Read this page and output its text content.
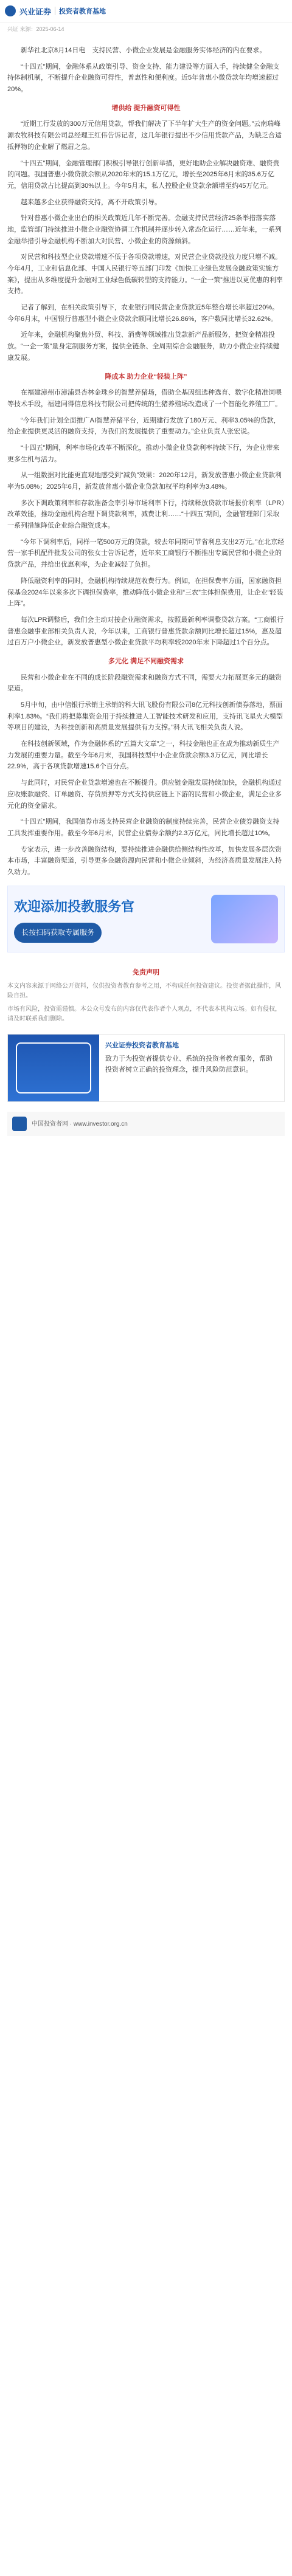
兴业证券 投资者教育基地
兴证 来源：2025-06-14
新华社北京8月14日电　支持民营、小微企业发展是金融服务实体经济的内在要求。
“十四五”期间，金融体系从政策引导、资金支持、能力建设等方面入手，持续健全金融支持体制机制，不断提升企业融资可得性，普惠性和便利度。近5年普惠小微贷款年均增速超过20%。
增供给 提升融资可得性
“近期工行发放的300万元信用贷款，帮我们解决了下半年扩大生产的资金问题。”云南瑞峰源农牧科技有限公司总经理王红伟告诉记者，这几年银行提出不少信用贷款产品，为缺乏合适抵押物的企业解了燃眉之急。
“十四五”期间，金融管理部门积极引导银行创新举措，更好地助企业解决融资难、融资贵的问题。我国普惠小微贷款余额从2020年末的15.1万亿元，增长至2025年6月末的35.6万亿元，信用贷款占比提高到30%以上。今年5月末，私人控股企业贷款余额增至约45万亿元。
越来越多企业获得融资支持，离不开政策引导。
针对普惠小微企业出台的相关政策近几年不断完善。金融支持民营经济25条举措落实落地，监管部门持续推进小微企业融资协调工作机制并逐步转入常态化运行……近年来，一系列金融举措引导金融机构不断加大对民营、小微企业的资源倾斜。
对民营和科技型企业贷款增速不低于各项贷款增速，对民营企业贷款投放力度只增不减。今年4月，工业和信息化部、中国人民银行等五部门印发《加快工业绿色发展金融政策实施方案》，提出从多维度提升金融对工业绿色低碳转型的支持能力。“一企一策”推进以更优惠的利率支持。
记者了解到，在相关政策引导下，农业银行同民营企业贷款近5年整合增长率超过20%。今年6月末，中国银行普惠型小微企业贷款余额同比增长26.86%，客户数同比增长32.62%。
近年来，金融机构聚焦外贸、科技、消费等领域推出贷款新产品新服务，把资金精准投放。“一企一策”量身定制服务方案，提供全链条、全周期综合金融服务，助力小微企业持续健康发展。
降成本 助力企业“轻装上阵”
在福建漳州市漳浦县杏林金珠乡的智慧养猪场，借助全基因组选种选育、数字化精准饲喂等技术手段，福建同得信息科技有限公司把传统的生猪养殖场改造成了一个智能化养殖工厂。
“今年我们计划全面推广AI智慧养猪平台，近期建行发放了180万元、利率3.05%的贷款，给企业提供更灵活的融资支持，为我们的发展提供了重要动力。”企业负责人张宏说。
“十四五”期间，利率市场化改革不断深化，推动小微企业贷款利率持续下行，为企业带来更多生机与活力。
从一组数据对比能更直观地感受到“减负”效果：2020年12月，新发放普惠小微企业贷款利率为5.08%；2025年6月，新发放普惠小微企业贷款加权平均利率为3.48%。
多次下调政策利率和存款准备金率引导市场利率下行，持续释放贷款市场报价利率（LPR）改革效能，推动金融机构合理下调贷款利率，减费让利……“十四五”期间，金融管理部门采取一系列措施降低企业综合融资成本。
“今年下调利率后，同样一笔500万元的贷款，较去年同期可节省利息支出2万元。”在北京经营一家手机配件批发公司的张女士告诉记者，近年来工商银行不断推出专属民营和小微企业的贷款产品，并给出优惠利率，为企业减轻了负担。
降低融资利率的同时，金融机构持续规范收费行为。例如，在担保费率方面，国家融资担保基金2024年以来多次下调担保费率，推动降低小微企业和“三农”主体担保费用，让企业“轻装上阵”。
每次LPR调整后，我们会主动对接企业融资需求，按照最新利率调整贷款方案。“工商银行普惠金融事业部相关负责人说，今年以来，工商银行普惠贷款余额同比增长超过15%，惠及超过百万户小微企业，新发放普惠型小微企业贷款平均利率较2020年末下降超过1个百分点。
多元化 满足不同融资需求
民营和小微企业在不同的成长阶段融资需求和融资方式不同，需要大力拓展更多元的融资渠道。
5月中旬，由中信银行承销主承销的科大讯飞股份有限公司8亿元科技创新债券落地，票面利率1.83%。“我们将把募集资金用于持续推进人工智能技术研发和应用，支持讯飞星火大模型等项目的建设，为科技创新和高质量发展提供有力支撑。”科大讯飞相关负责人说。
在科技创新领域，作为金融体系的“五篇大文章”之一，科技金融也正在成为推动新质生产力发展的重要力量。截至今年6月末，我国科技型中小企业贷款余额3.3万亿元，同比增长22.9%，高于各项贷款增速15.6个百分点。
与此同时，对民营企业贷款增速也在不断提升。供应链金融发展持续加快，金融机构通过应收账款融资、订单融资、存货质押等方式支持供应链上下游的民营和小微企业，满足企业多元化的资金需求。
“十四五”期间，我国债券市场支持民营企业融资的制度持续完善，民营企业债券融资支持工具发挥重要作用。截至今年6月末，民营企业债券余额约2.3万亿元，同比增长超过10%。
专家表示，进一步改善融资结构，要持续推进金融供给侧结构性改革，加快发展多层次资本市场，丰富融资渠道，引导更多金融资源向民营和小微企业倾斜，为经济高质量发展注入持久动力。
欢迎添加投教服务官
长按扫码获取专属服务
免责声明
本文内容来源于网络公开资料，仅供投资者教育参考之用，不构成任何投资建议。投资者据此操作，风险自担。
市场有风险，投资需谨慎。本公众号发布的内容仅代表作者个人观点，不代表本机构立场。如有侵权，请及时联系我们删除。
兴业证券投资者教育基地
致力于为投资者提供专业、系统的投资者教育服务，帮助投资者树立正确的投资理念，提升风险防范意识。
中国投资者网 · www.investor.org.cn
